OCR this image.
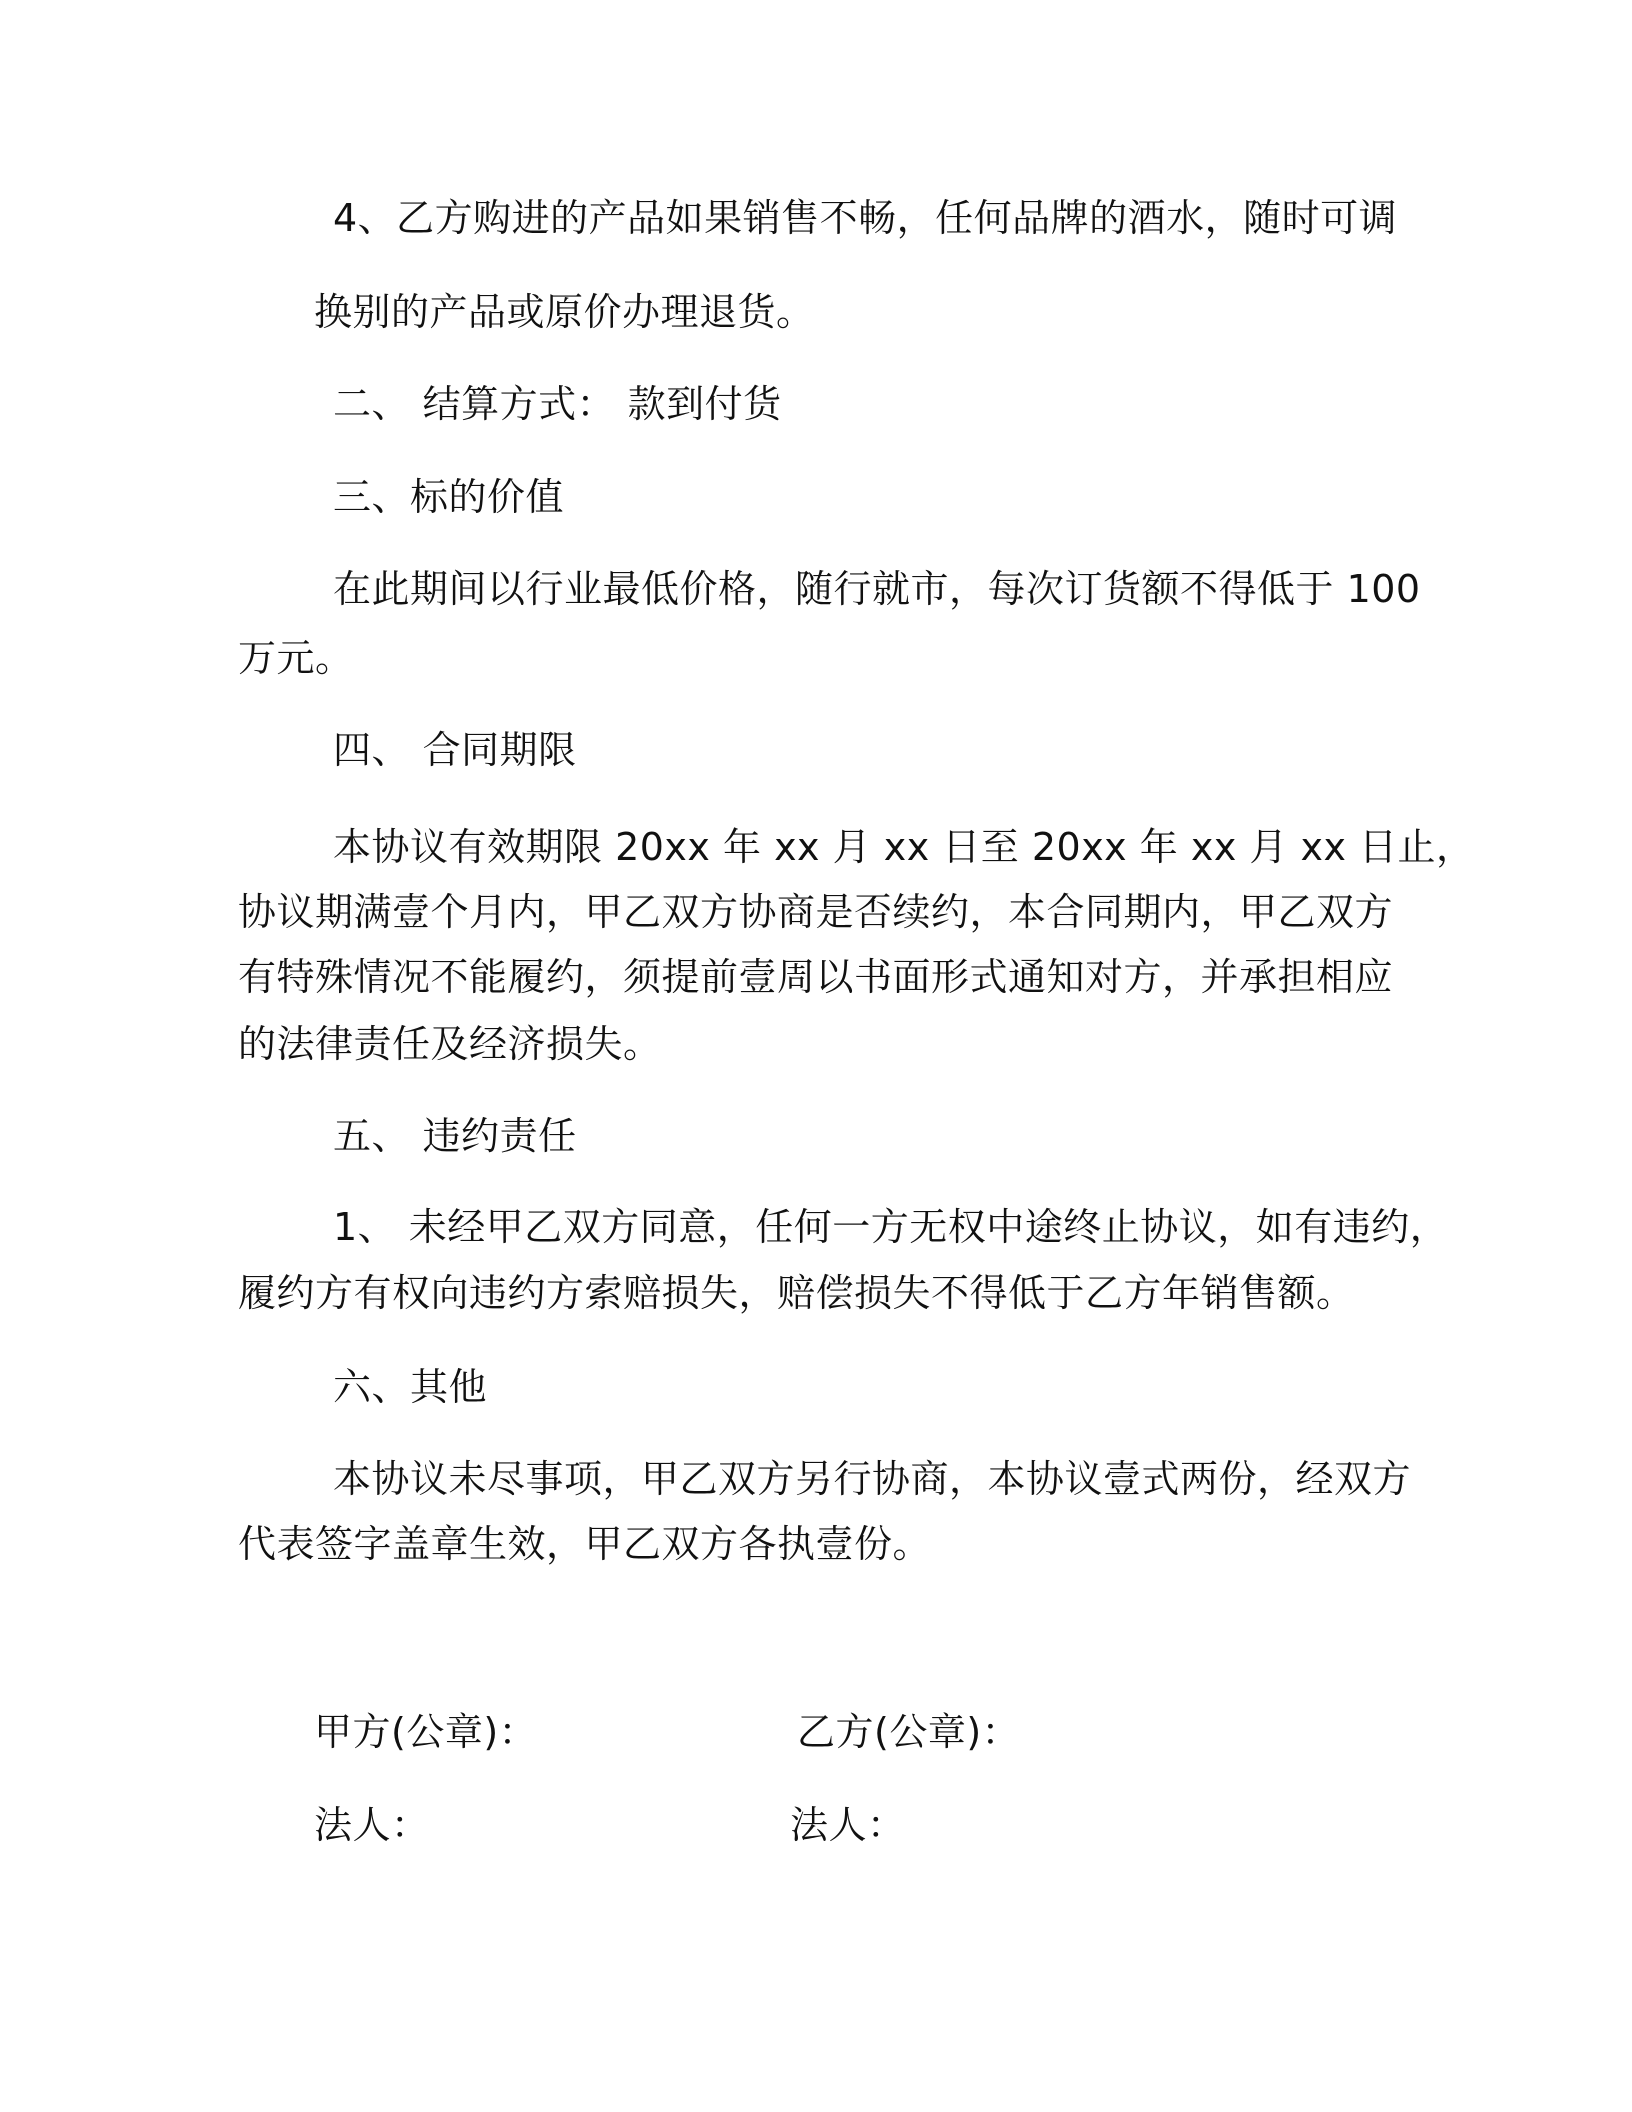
4、乙方购进的产品如果销售不畅，任何品牌的酒水，随时可调
换别的产品或原价办理退货。
二、 结算方式： 款到付货
三、标的价值
在此期间以行业最低价格，随行就市，每次订货额不得低于 100
万元。
四、 合同期限
本协议有效期限 20xx 年 xx 月 xx 日至 20xx 年 xx 月 xx 日止，
协议期满壹个月内，甲乙双方协商是否续约，本合同期内，甲乙双方
有特殊情况不能履约，须提前壹周以书面形式通知对方，并承担相应
的法律责任及经济损失。
五、 违约责任
1、 未经甲乙双方同意，任何一方无权中途终止协议，如有违约，
履约方有权向违约方索赔损失，赔偿损失不得低于乙方年销售额。
六、其他
本协议未尽事项，甲乙双方另行协商，本协议壹式两份，经双方
代表签字盖章生效，甲乙双方各执壹份。
甲方(公章)：	乙方(公章)：
法人：	法人：
